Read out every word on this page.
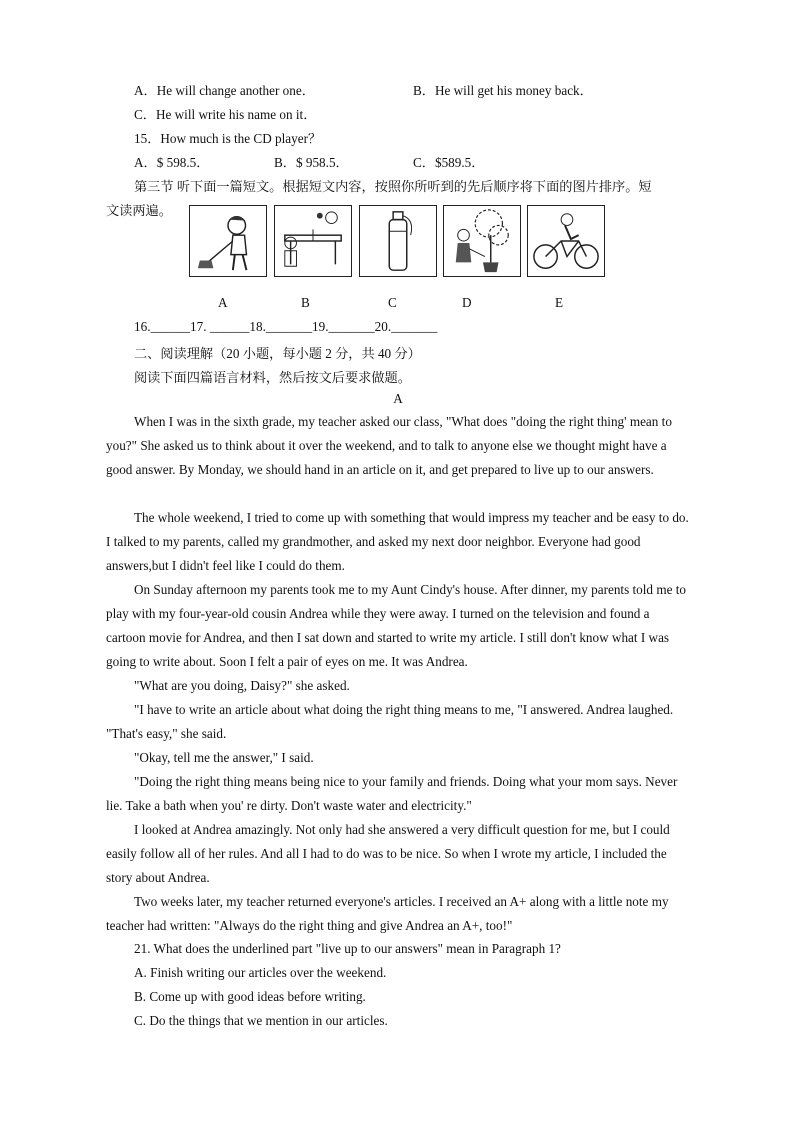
A．He will change another one．	B．He will get his money back．
C．He will write his name on it．
15．How much is the CD player？
A．$ 598.5．	B．$ 958.5．	C．$589.5．
第三节 听下面一篇短文。根据短文内容，按照你所听到的先后顺序将下面的图片排序。短
文读两遍。
A	B	C	D	E
16.______17. ______18._______19._______20._______
二、阅读理解（20 小题，每小题 2 分，共 40 分）
阅读下面四篇语言材料，然后按文后要求做题。
A
When I was in the sixth grade, my teacher asked our class, "What does "doing the right thing' mean to you?" She asked us to think about it over the weekend, and to talk to anyone else we thought might have a good answer. By Monday, we should hand in an article on it, and get prepared to live up to our answers.
The whole weekend, I tried to come up with something that would impress my teacher and be easy to do. I talked to my parents, called my grandmother, and asked my next door neighbor. Everyone had good answers,but I didn't feel like I could do them.
On Sunday afternoon my parents took me to my Aunt Cindy's house. After dinner, my parents told me to play with my four-year-old cousin Andrea while they were away. I turned on the television and found a cartoon movie for Andrea, and then I sat down and started to write my article. I still don't know what I was going to write about. Soon I felt a pair of eyes on me. It was Andrea.
"What are you doing, Daisy?" she asked.
"I have to write an article about what doing the right thing means to me, "I answered. Andrea laughed. "That's easy," she said.
"Okay, tell me the answer," I said.
"Doing the right thing means being nice to your family and friends. Doing what your mom says. Never lie. Take a bath when you' re dirty. Don't waste water and electricity."
I looked at Andrea amazingly. Not only had she answered a very difficult question for me, but I could easily follow all of her rules. And all I had to do was to be nice. So when I wrote my article, I included the story about Andrea.
Two weeks later, my teacher returned everyone's articles. I received an A+ along with a little note my teacher had written: "Always do the right thing and give Andrea an A+, too!"
21. What does the underlined part "live up to our answers" mean in Paragraph 1?
A. Finish writing our articles over the weekend.
B. Come up with good ideas before writing.
C. Do the things that we mention in our articles.
